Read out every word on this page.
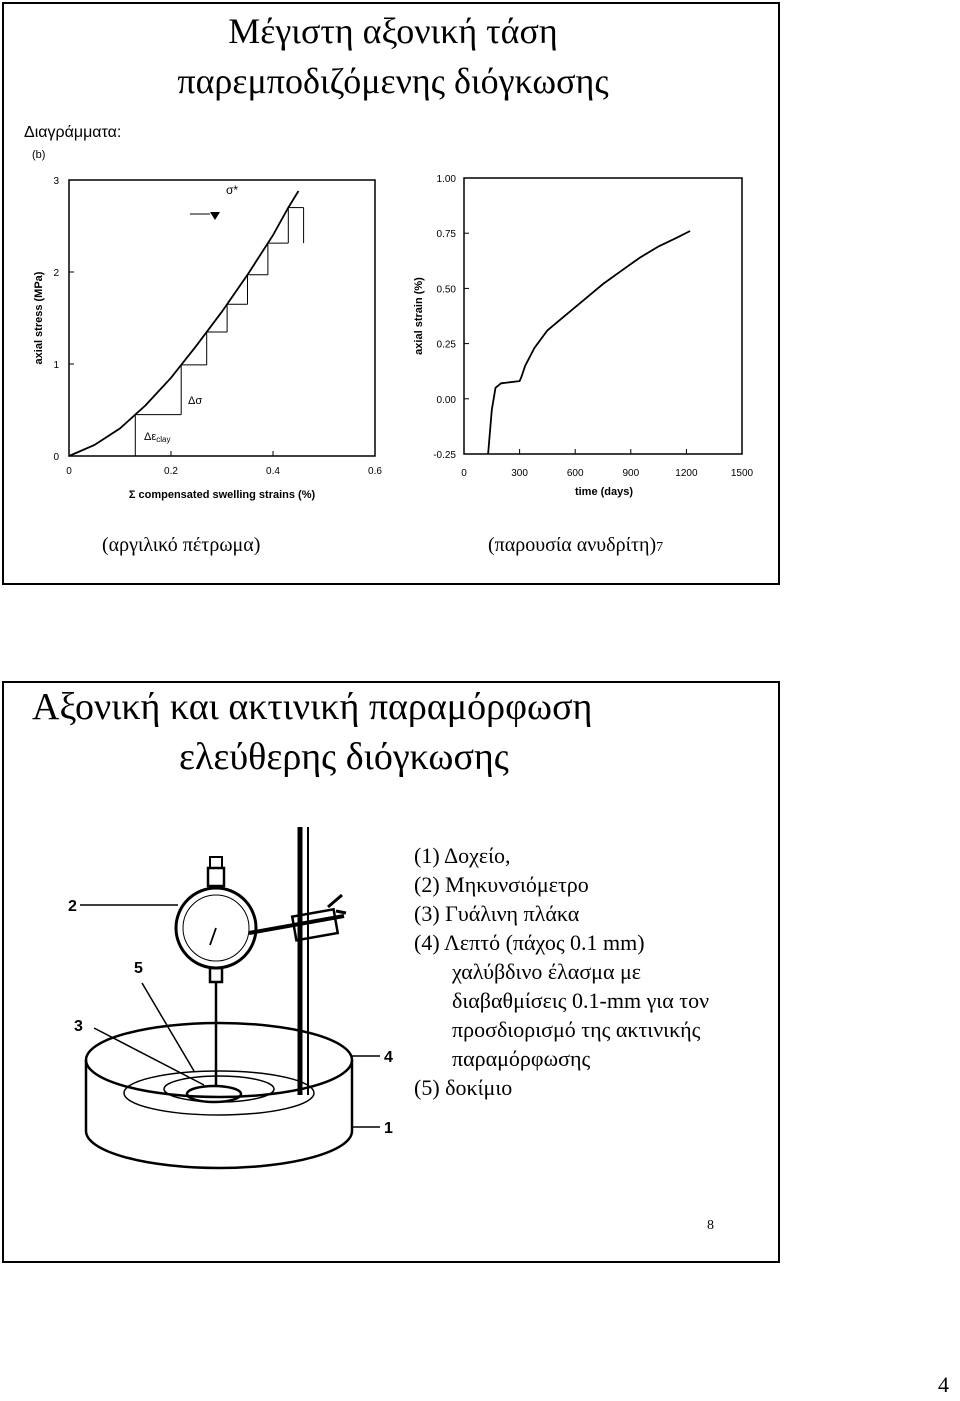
Μέγιστη αξονική τάση
παρεμποδιζόμενης διόγκωσης
Διαγράμματα:
(b)
0
1
2
3
0	0.2	0.4	0.6
axial stress (MPa)
Σ compensated swelling strains (%)
σ*
Δσ
Δεclay
-0.25
0.00
0.25
0.50
0.75
1.00
0	300	600	900	1200	1500
axial strain (%)
time (days)
(αργιλικό πέτρωμα)	(παρουσία ανυδρίτη)7
Αξονική και ακτινική παραμόρφωση
ελεύθερης διόγκωσης
2
5
3
4
1
(1) Δοχείο,
(2) Μηκυνσιόμετρο
(3) Γυάλινη πλάκα
(4) Λεπτό (πάχος 0.1 mm)
χαλύβδινο έλασμα με
διαβαθμίσεις 0.1-mm για τον
προσδιορισμό της ακτινικής
παραμόρφωσης
(5) δοκίμιο
8
4
